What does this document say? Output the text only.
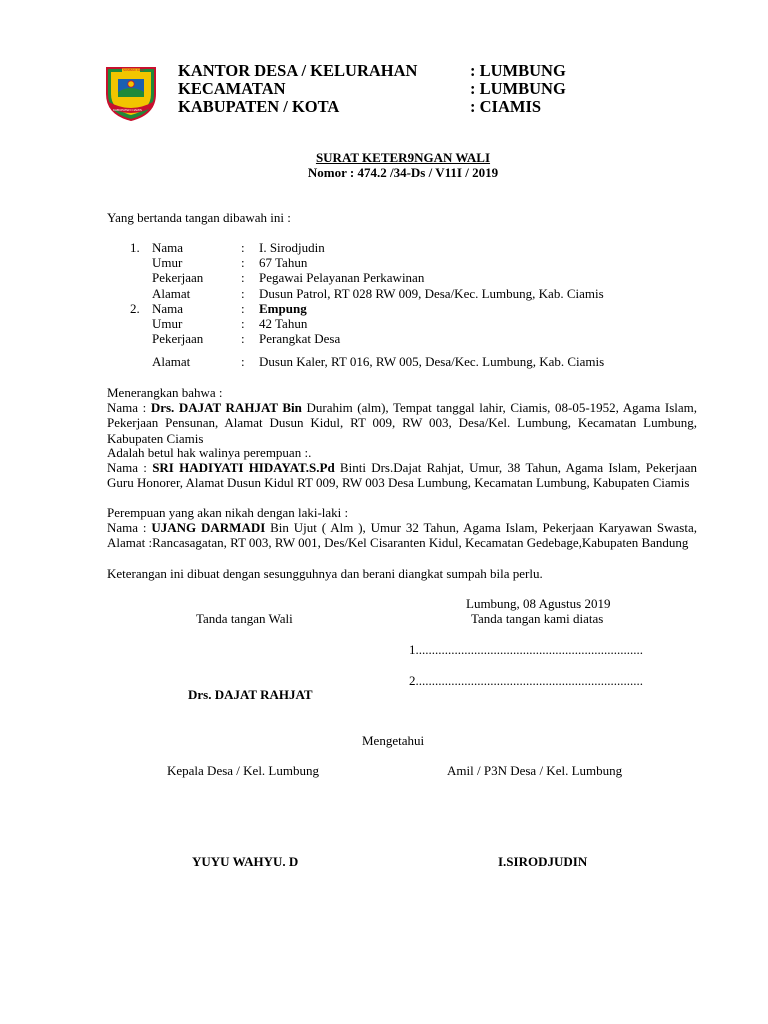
SUMBAD JASA
KABUPATEN CIAMIS
KANTOR DESA / KELURAHAN	: LUMBUNG
KECAMATAN	: LUMBUNG
KABUPATEN / KOTA	: CIAMIS
SURAT KETER9NGAN WALI
Nomor : 474.2 /34-Ds / V11I / 2019
Yang bertanda tangan dibawah ini :
1. Nama	: I. Sirodjudin
Umur	: 67 Tahun
Pekerjaan	: Pegawai Pelayanan Perkawinan
Alamat	: Dusun Patrol, RT 028 RW 009, Desa/Kec. Lumbung, Kab. Ciamis
2. Nama	: Empung
Umur	: 42 Tahun
Pekerjaan	: Perangkat Desa
Alamat	: Dusun Kaler, RT 016, RW 005, Desa/Kec. Lumbung, Kab. Ciamis
Menerangkan bahwa :
Nama : Drs. DAJAT RAHJAT Bin Durahim (alm), Tempat tanggal lahir, Ciamis, 08-05-1952, Agama Islam, Pekerjaan Pensunan, Alamat Dusun Kidul, RT 009, RW 003, Desa/Kel. Lumbung, Kecamatan Lumbung, Kabupaten Ciamis
Adalah betul hak walinya perempuan :.
Nama : SRI HADIYATI HIDAYAT.S.Pd Binti Drs.Dajat Rahjat, Umur, 38 Tahun, Agama Islam, Pekerjaan Guru Honorer, Alamat Dusun Kidul RT 009, RW 003 Desa Lumbung, Kecamatan Lumbung, Kabupaten Ciamis
Perempuan yang akan nikah dengan laki-laki :
Nama : UJANG DARMADI Bin Ujut ( Alm ), Umur 32 Tahun, Agama Islam, Pekerjaan Karyawan Swasta, Alamat :Rancasagatan, RT 003, RW 001, Des/Kel Cisaranten Kidul, Kecamatan Gedebage,Kabupaten Bandung
Keterangan ini dibuat dengan sesungguhnya dan berani diangkat sumpah bila perlu.
Lumbung, 08 Agustus 2019
Tanda tangan Wali	Tanda tangan kami diatas
1......................................................................
2......................................................................
Drs. DAJAT RAHJAT
Mengetahui
Kepala Desa / Kel. Lumbung	Amil / P3N Desa / Kel. Lumbung
YUYU WAHYU. D	I.SIRODJUDIN
